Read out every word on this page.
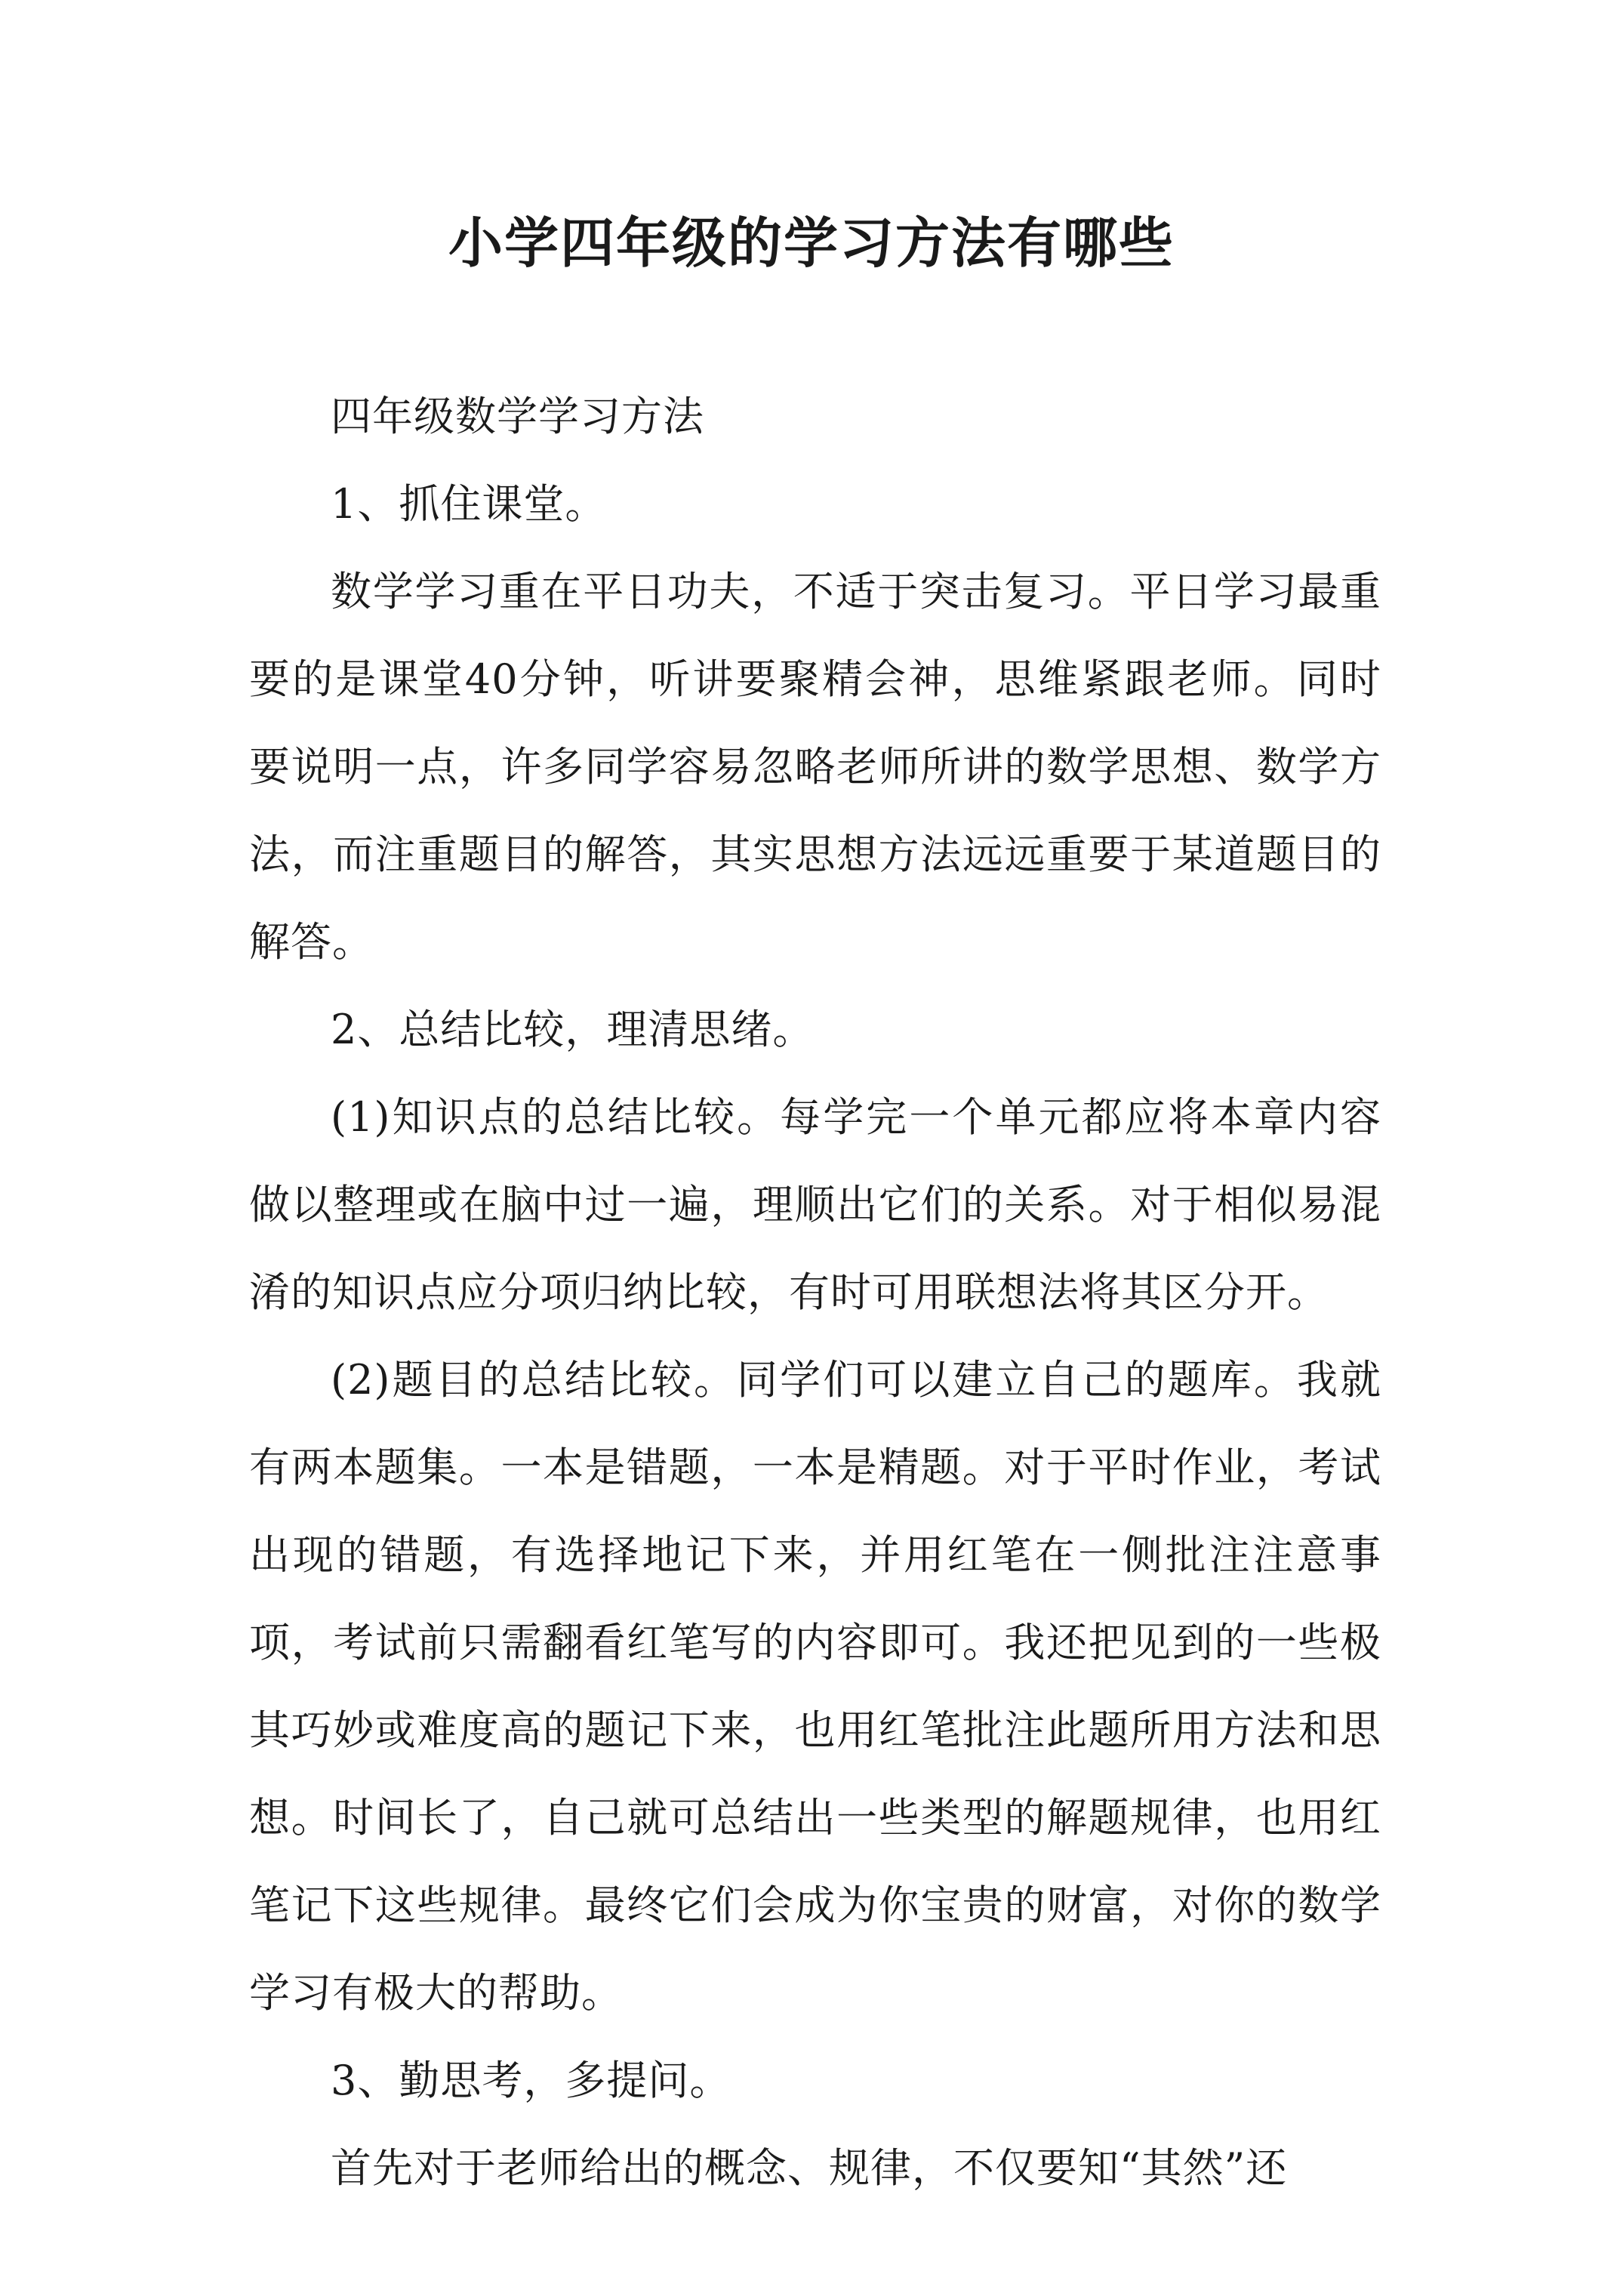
小学四年级的学习方法有哪些

四年级数学学习方法

1、抓住课堂。

数学学习重在平日功夫，不适于突击复习。平日学习最重要的是课堂40分钟，听讲要聚精会神，思维紧跟老师。同时要说明一点，许多同学容易忽略老师所讲的数学思想、数学方法，而注重题目的解答，其实思想方法远远重要于某道题目的解答。

2、总结比较，理清思绪。

(1)知识点的总结比较。每学完一个单元都应将本章内容做以整理或在脑中过一遍，理顺出它们的关系。对于相似易混淆的知识点应分项归纳比较，有时可用联想法将其区分开。

(2)题目的总结比较。同学们可以建立自己的题库。我就有两本题集。一本是错题，一本是精题。对于平时作业，考试出现的错题，有选择地记下来，并用红笔在一侧批注注意事项，考试前只需翻看红笔写的内容即可。我还把见到的一些极其巧妙或难度高的题记下来，也用红笔批注此题所用方法和思想。时间长了，自己就可总结出一些类型的解题规律，也用红笔记下这些规律。最终它们会成为你宝贵的财富，对你的数学学习有极大的帮助。

3、勤思考，多提问。

首先对于老师给出的概念、规律，不仅要知“其然”还
